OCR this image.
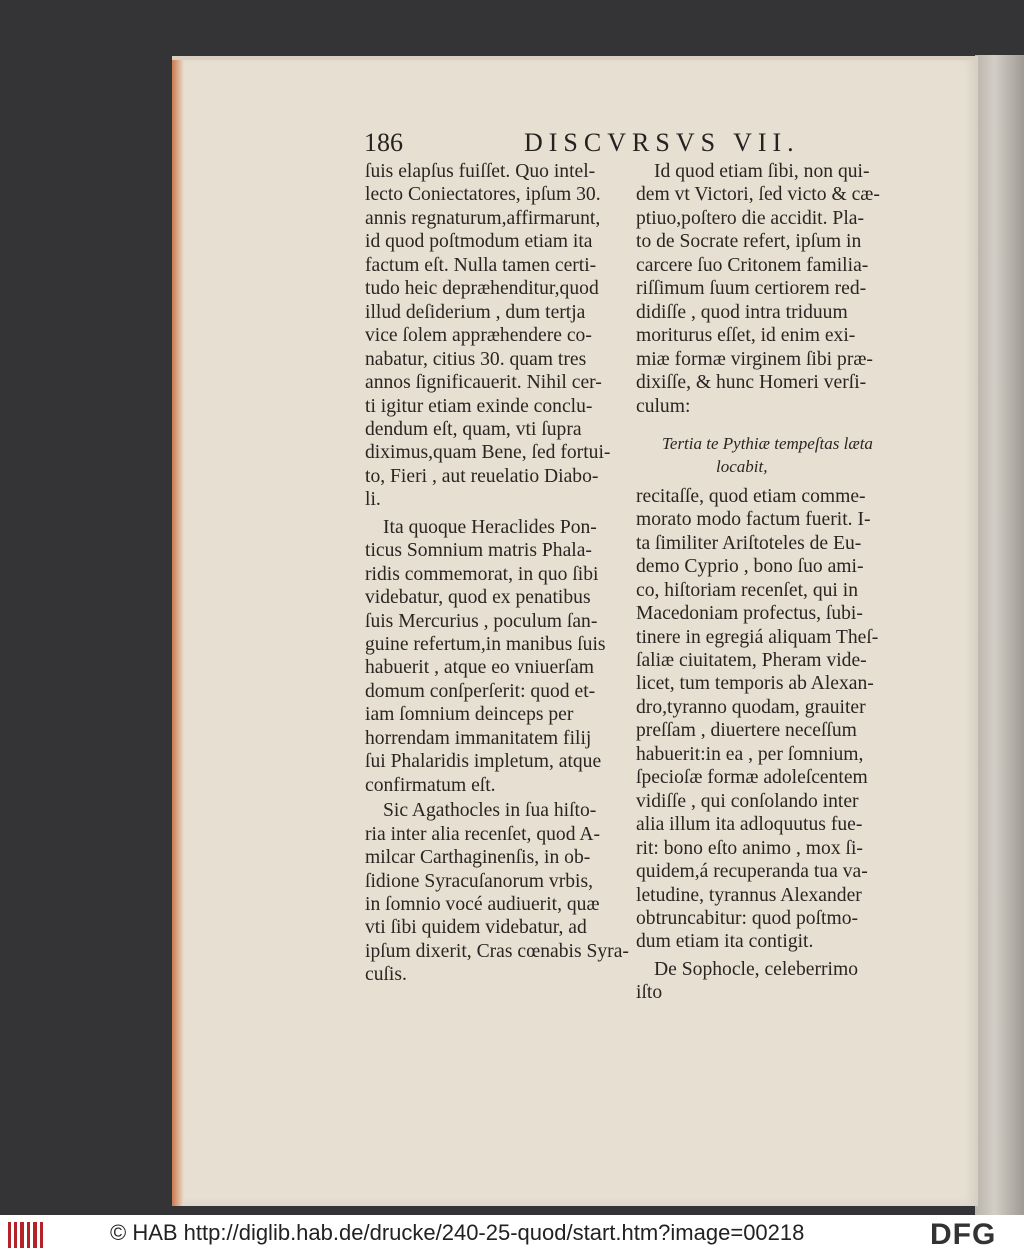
186	DISCVRSVS VII.
ſuis elapſus fuiſſet. Quo intel-
lecto Coniectatores, ipſum 30.
annis regnaturum,affirmarunt,
id quod poſtmodum etiam ita
factum eſt. Nulla tamen certi-
tudo heic deprӕhenditur,quod
illud deſiderium , dum tertja
vice ſolem apprӕhendere co-
nabatur, citius 30. quam tres
annos ſignificauerit. Nihil cer-
ti igitur etiam exinde conclu-
dendum eſt, quam, vti ſupra
diximus,quam Bene, ſed fortui-
to, Fieri , aut reuelatio Diabo-
li.
Ita quoque Heraclides Pon-
ticus Somnium matris Phala-
ridis commemorat, in quo ſibi
videbatur, quod ex penatibus
ſuis Mercurius , poculum ſan-
guine refertum,in manibus ſuis
habuerit , atque eo vniuerſam
domum conſperſerit: quod et-
iam ſomnium deinceps per
horrendam immanitatem filij
ſui Phalaridis impletum, atque
confirmatum eſt.
Sic Agathocles in ſua hiſto-
ria inter alia recenſet, quod A-
milcar Carthaginenſis, in ob-
ſidione Syracuſanorum vrbis,
in ſomnio vocé audiuerit, quӕ
vti ſibi quidem videbatur, ad
ipſum dixerit, Cras cœnabis Syra-
cuſis.
Id quod etiam ſibi, non qui-
dem vt Victori, ſed victo & cӕ-
ptiuo,poſtero die accidit. Pla-
to de Socrate refert, ipſum in
carcere ſuo Critonem familia-
riſſimum ſuum certiorem red-
didiſſe , quod intra triduum
moriturus eſſet, id enim exi-
miӕ formӕ virginem ſibi prӕ-
dixiſſe, & hunc Homeri verſi-
culum:
Tertia te Pythiӕ tempeſtas lӕta
locabit,
recitaſſe, quod etiam comme-
morato modo factum fuerit. I-
ta ſimiliter Ariſtoteles de Eu-
demo Cyprio , bono ſuo ami-
co, hiſtoriam recenſet, qui in
Macedoniam profectus, ſubi-
tinere in egregiá aliquam Theſ-
ſaliӕ ciuitatem, Pheram vide-
licet, tum temporis ab Alexan-
dro,tyranno quodam, grauiter
preſſam , diuertere neceſſum
habuerit:in ea , per ſomnium,
ſpecioſӕ formӕ adoleſcentem
vidiſſe , qui conſolando inter
alia illum ita adloquutus fue-
rit: bono eſto animo , mox ſi-
quidem,á recuperanda tua va-
letudine, tyrannus Alexander
obtruncabitur: quod poſtmo-
dum etiam ita contigit.
De Sophocle, celeberrimo
iſto
© HAB http://diglib.hab.de/drucke/240-25-quod/start.htm?image=00218	DFG
